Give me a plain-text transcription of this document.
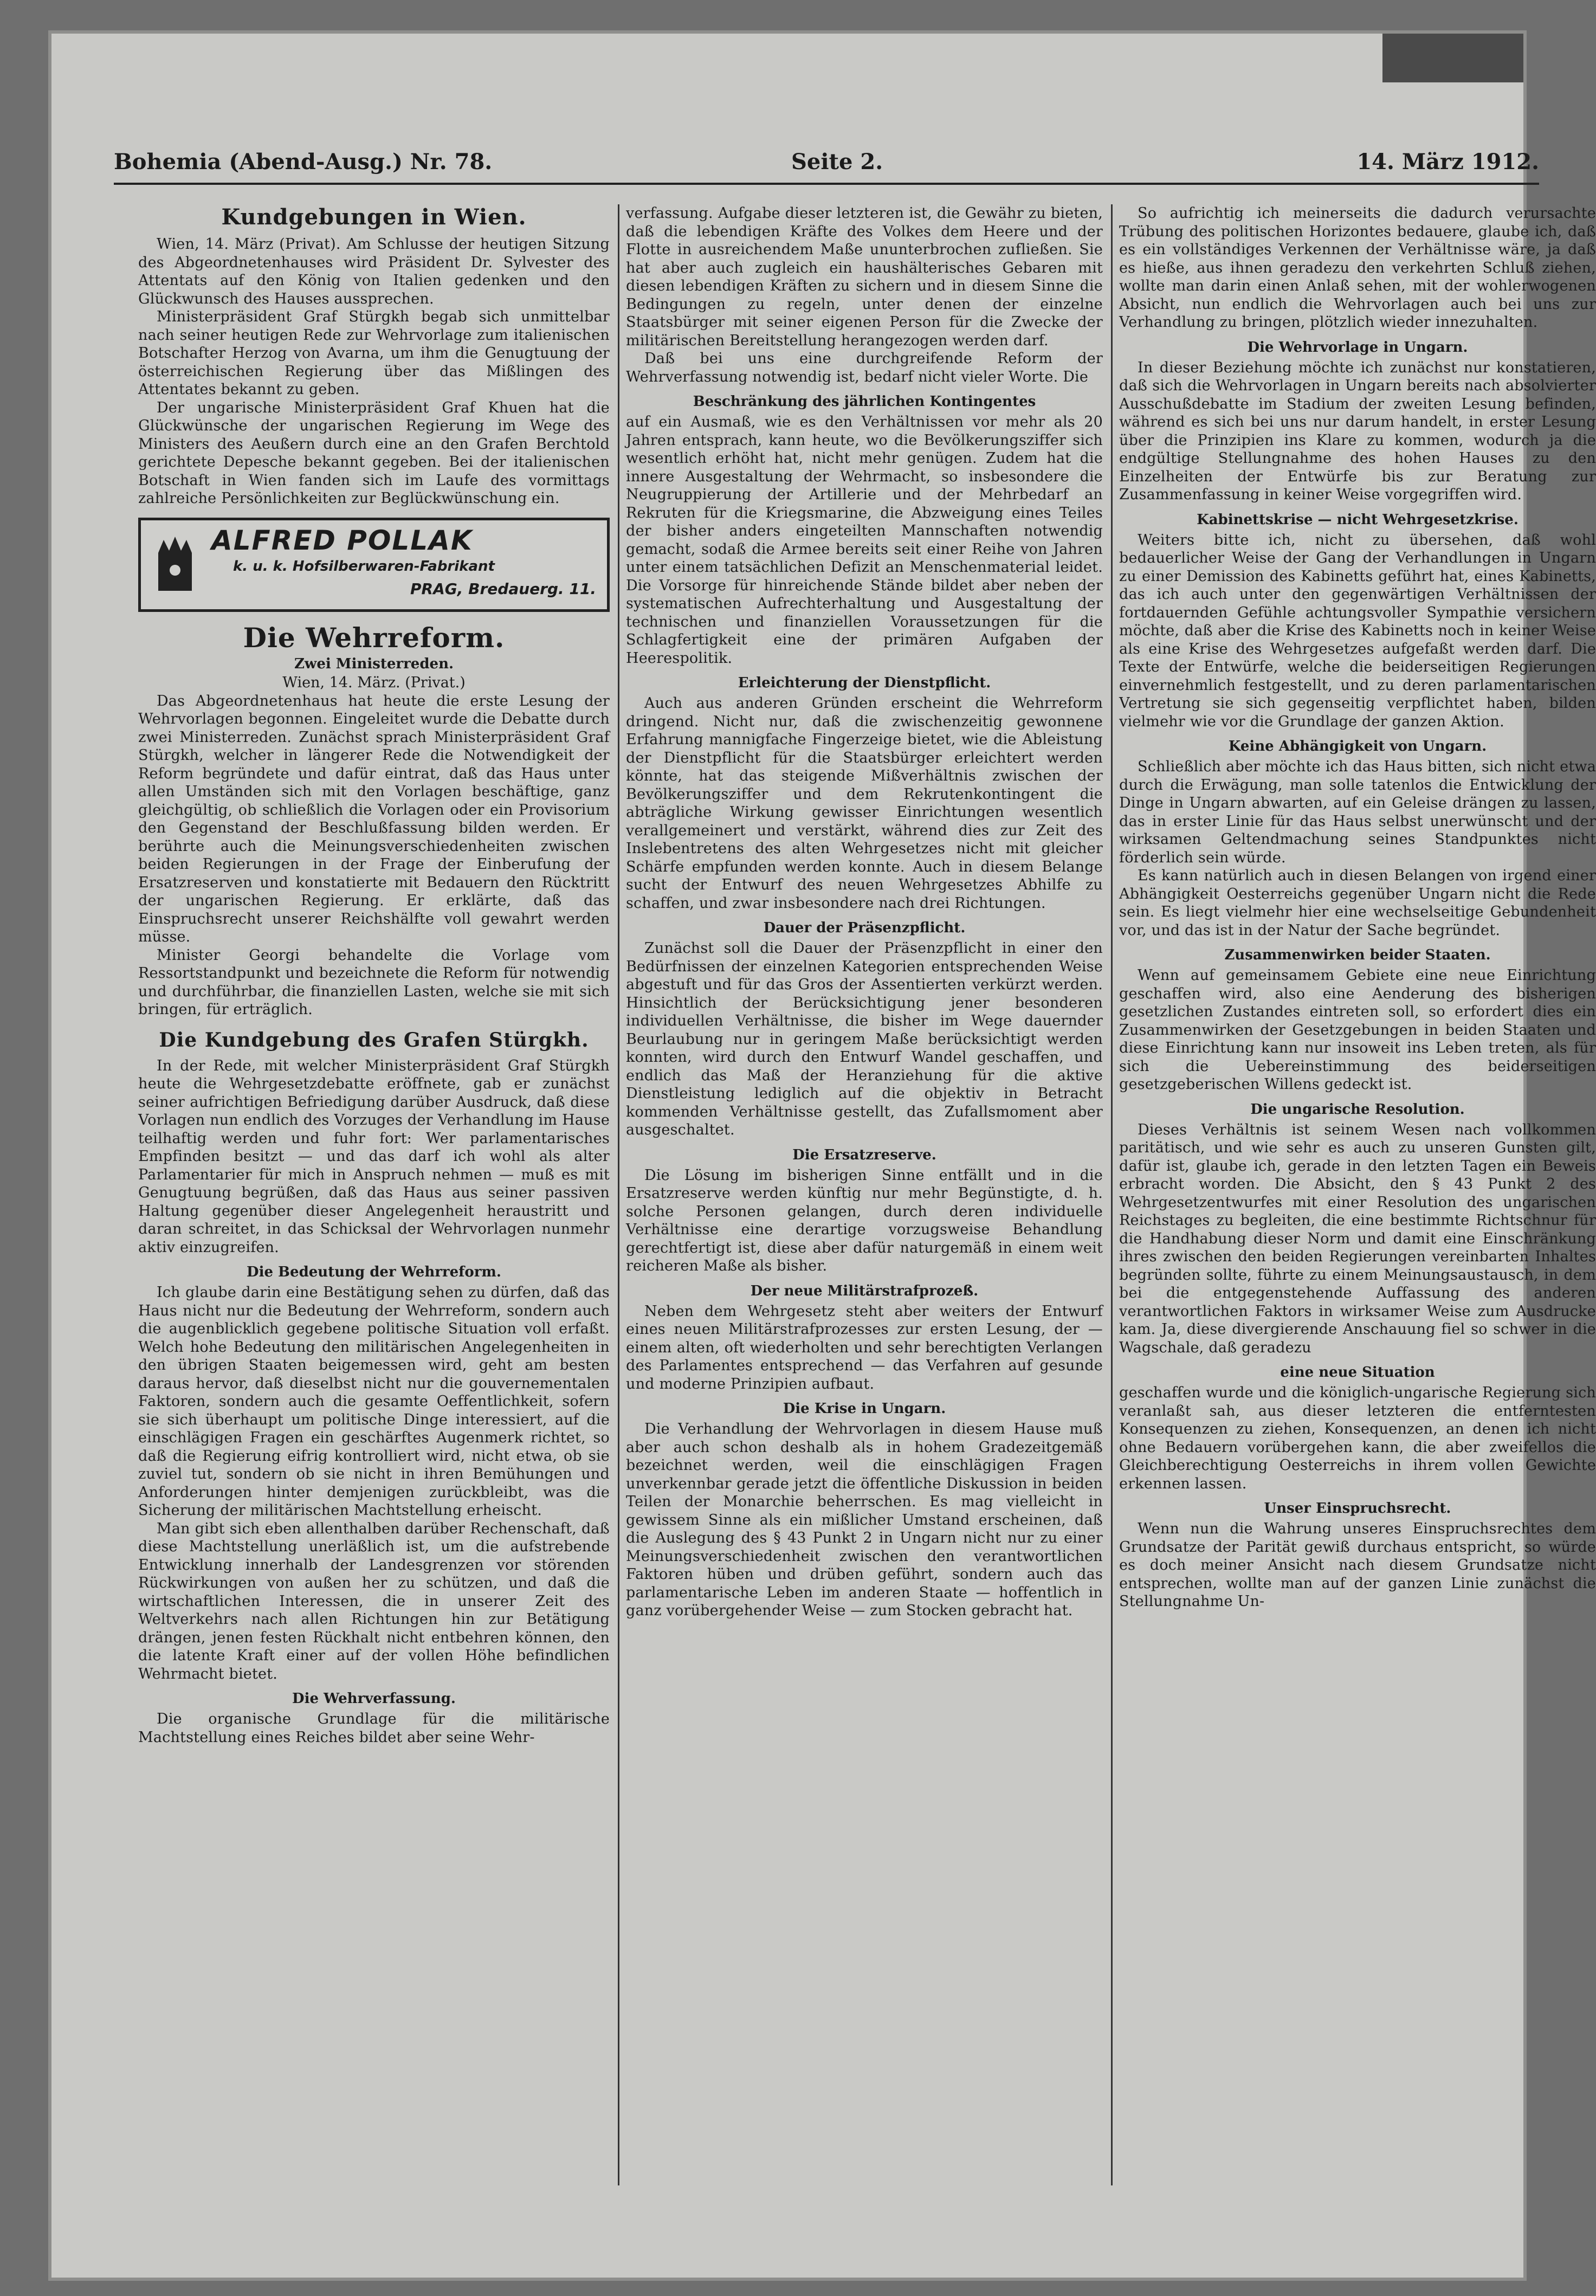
Bohemia (Abend-Ausg.) Nr. 78.	Seite 2.	14. März 1912.
Kundgebungen in Wien.

Wien, 14. März (Privat). Am Schlusse der heutigen Sitzung des Abgeordnetenhauses wird Präsident Dr. Sylvester des Attentats auf den König von Italien gedenken und den Glückwunsch des Hauses aussprechen.

Ministerpräsident Graf Stürgkh begab sich unmittelbar nach seiner heutigen Rede zur Wehrvorlage zum italienischen Botschafter Herzog von Avarna, um ihm die Genugtuung der österreichischen Regierung über das Mißlingen des Attentates bekannt zu geben.

Der ungarische Ministerpräsident Graf Khuen hat die Glückwünsche der ungarischen Regierung im Wege des Ministers des Aeußern durch eine an den Grafen Berchtold gerichtete Depesche bekannt gegeben. Bei der italienischen Botschaft in Wien fanden sich im Laufe des vormittags zahlreiche Persönlichkeiten zur Beglückwünschung ein.

ALFRED POLLAK
k. u. k. Hofsilberwaren-Fabrikant
PRAG, Bredauerg. 11.
Die Wehrreform.
Zwei Ministerreden.
Wien, 14. März. (Privat.)

Das Abgeordnetenhaus hat heute die erste Lesung der Wehrvorlagen begonnen. Eingeleitet wurde die Debatte durch zwei Ministerreden. Zunächst sprach Ministerpräsident Graf Stürgkh, welcher in längerer Rede die Notwendigkeit der Reform begründete und dafür eintrat, daß das Haus unter allen Umständen sich mit den Vorlagen beschäftige, ganz gleichgültig, ob schließlich die Vorlagen oder ein Provisorium den Gegenstand der Beschlußfassung bilden werden. Er berührte auch die Meinungsverschiedenheiten zwischen beiden Regierungen in der Frage der Einberufung der Ersatzreserven und konstatierte mit Bedauern den Rücktritt der ungarischen Regierung. Er erklärte, daß das Einspruchsrecht unserer Reichshälfte voll gewahrt werden müsse.

Minister Georgi behandelte die Vorlage vom Ressortstandpunkt und bezeichnete die Reform für notwendig und durchführbar, die finanziellen Lasten, welche sie mit sich bringen, für erträglich.

Die Kundgebung des Grafen Stürgkh.

In der Rede, mit welcher Ministerpräsident Graf Stürgkh heute die Wehrgesetzdebatte eröffnete, gab er zunächst seiner aufrichtigen Befriedigung darüber Ausdruck, daß diese Vorlagen nun endlich des Vorzuges der Verhandlung im Hause teilhaftig werden und fuhr fort: Wer parlamentarisches Empfinden besitzt — und das darf ich wohl als alter Parlamentarier für mich in Anspruch nehmen — muß es mit Genugtuung begrüßen, daß das Haus aus seiner passiven Haltung gegenüber dieser Angelegenheit heraustritt und daran schreitet, in das Schicksal der Wehrvorlagen nunmehr aktiv einzugreifen.

Die Bedeutung der Wehrreform.

Ich glaube darin eine Bestätigung sehen zu dürfen, daß das Haus nicht nur die Bedeutung der Wehrreform, sondern auch die augenblicklich gegebene politische Situation voll erfaßt. Welch hohe Bedeutung den militärischen Angelegenheiten in den übrigen Staaten beigemessen wird, geht am besten daraus hervor, daß dieselbst nicht nur die gouvernementalen Faktoren, sondern auch die gesamte Oeffentlichkeit, sofern sie sich überhaupt um politische Dinge interessiert, auf die einschlägigen Fragen ein geschärftes Augenmerk richtet, so daß die Regierung eifrig kontrolliert wird, nicht etwa, ob sie zuviel tut, sondern ob sie nicht in ihren Bemühungen und Anforderungen hinter demjenigen zurückbleibt, was die Sicherung der militärischen Machtstellung erheischt.

Man gibt sich eben allenthalben darüber Rechenschaft, daß diese Machtstellung unerläßlich ist, um die aufstrebende Entwicklung innerhalb der Landesgrenzen vor störenden Rückwirkungen von außen her zu schützen, und daß die wirtschaftlichen Interessen, die in unserer Zeit des Weltverkehrs nach allen Richtungen hin zur Betätigung drängen, jenen festen Rückhalt nicht entbehren können, den die latente Kraft einer auf der vollen Höhe befindlichen Wehrmacht bietet.

Die Wehrverfassung.

Die organische Grundlage für die militärische Machtstellung eines Reiches bildet aber seine Wehr-

verfassung. Aufgabe dieser letzteren ist, die Gewähr zu bieten, daß die lebendigen Kräfte des Volkes dem Heere und der Flotte in ausreichendem Maße ununterbrochen zufließen. Sie hat aber auch zugleich ein haushälterisches Gebaren mit diesen lebendigen Kräften zu sichern und in diesem Sinne die Bedingungen zu regeln, unter denen der einzelne Staatsbürger mit seiner eigenen Person für die Zwecke der militärischen Bereitstellung herangezogen werden darf.

Daß bei uns eine durchgreifende Reform der Wehrverfassung notwendig ist, bedarf nicht vieler Worte. Die

Beschränkung des jährlichen Kontingentes

auf ein Ausmaß, wie es den Verhältnissen vor mehr als 20 Jahren entsprach, kann heute, wo die Bevölkerungsziffer sich wesentlich erhöht hat, nicht mehr genügen. Zudem hat die innere Ausgestaltung der Wehrmacht, so insbesondere die Neugruppierung der Artillerie und der Mehrbedarf an Rekruten für die Kriegsmarine, die Abzweigung eines Teiles der bisher anders eingeteilten Mannschaften notwendig gemacht, sodaß die Armee bereits seit einer Reihe von Jahren unter einem tatsächlichen Defizit an Menschenmaterial leidet. Die Vorsorge für hinreichende Stände bildet aber neben der systematischen Aufrechterhaltung und Ausgestaltung der technischen und finanziellen Voraussetzungen für die Schlagfertigkeit eine der primären Aufgaben der Heerespolitik.

Erleichterung der Dienstpflicht.

Auch aus anderen Gründen erscheint die Wehrreform dringend. Nicht nur, daß die zwischenzeitig gewonnene Erfahrung mannigfache Fingerzeige bietet, wie die Ableistung der Dienstpflicht für die Staatsbürger erleichtert werden könnte, hat das steigende Mißverhältnis zwischen der Bevölkerungsziffer und dem Rekrutenkontingent die abträgliche Wirkung gewisser Einrichtungen wesentlich verallgemeinert und verstärkt, während dies zur Zeit des Inslebentretens des alten Wehrgesetzes nicht mit gleicher Schärfe empfunden werden konnte. Auch in diesem Belange sucht der Entwurf des neuen Wehrgesetzes Abhilfe zu schaffen, und zwar insbesondere nach drei Richtungen.

Dauer der Präsenzpflicht.

Zunächst soll die Dauer der Präsenzpflicht in einer den Bedürfnissen der einzelnen Kategorien entsprechenden Weise abgestuft und für das Gros der Assentierten verkürzt werden. Hinsichtlich der Berücksichtigung jener besonderen individuellen Verhältnisse, die bisher im Wege dauernder Beurlaubung nur in geringem Maße berücksichtigt werden konnten, wird durch den Entwurf Wandel geschaffen, und endlich das Maß der Heranziehung für die aktive Dienstleistung lediglich auf die objektiv in Betracht kommenden Verhältnisse gestellt, das Zufallsmoment aber ausgeschaltet.

Die Ersatzreserve.

Die Lösung im bisherigen Sinne entfällt und in die Ersatzreserve werden künftig nur mehr Begünstigte, d. h. solche Personen gelangen, durch deren individuelle Verhältnisse eine derartige vorzugsweise Behandlung gerechtfertigt ist, diese aber dafür naturgemäß in einem weit reicheren Maße als bisher.

Der neue Militärstrafprozeß.

Neben dem Wehrgesetz steht aber weiters der Entwurf eines neuen Militärstrafprozesses zur ersten Lesung, der — einem alten, oft wiederholten und sehr berechtigten Verlangen des Parlamentes entsprechend — das Verfahren auf gesunde und moderne Prinzipien aufbaut.

Die Krise in Ungarn.

Die Verhandlung der Wehrvorlagen in diesem Hause muß aber auch schon deshalb als in hohem Gradezeitgemäß bezeichnet werden, weil die einschlägigen Fragen unverkennbar gerade jetzt die öffentliche Diskussion in beiden Teilen der Monarchie beherrschen. Es mag vielleicht in gewissem Sinne als ein mißlicher Umstand erscheinen, daß die Auslegung des § 43 Punkt 2 in Ungarn nicht nur zu einer Meinungsverschiedenheit zwischen den verantwortlichen Faktoren hüben und drüben geführt, sondern auch das parlamentarische Leben im anderen Staate — hoffentlich in ganz vorübergehender Weise — zum Stocken gebracht hat.

So aufrichtig ich meinerseits die dadurch verursachte Trübung des politischen Horizontes bedauere, glaube ich, daß es ein vollständiges Verkennen der Verhältnisse wäre, ja daß es hieße, aus ihnen geradezu den verkehrten Schluß ziehen, wollte man darin einen Anlaß sehen, mit der wohlerwogenen Absicht, nun endlich die Wehrvorlagen auch bei uns zur Verhandlung zu bringen, plötzlich wieder innezuhalten.

Die Wehrvorlage in Ungarn.

In dieser Beziehung möchte ich zunächst nur konstatieren, daß sich die Wehrvorlagen in Ungarn bereits nach absolvierter Ausschußdebatte im Stadium der zweiten Lesung befinden, während es sich bei uns nur darum handelt, in erster Lesung über die Prinzipien ins Klare zu kommen, wodurch ja die endgültige Stellungnahme des hohen Hauses zu den Einzelheiten der Entwürfe bis zur Beratung zur Zusammenfassung in keiner Weise vorgegriffen wird.

Kabinettskrise — nicht Wehrgesetzkrise.

Weiters bitte ich, nicht zu übersehen, daß wohl bedauerlicher Weise der Gang der Verhandlungen in Ungarn zu einer Demission des Kabinetts geführt hat, eines Kabinetts, das ich auch unter den gegenwärtigen Verhältnissen der fortdauernden Gefühle achtungsvoller Sympathie versichern möchte, daß aber die Krise des Kabinetts noch in keiner Weise als eine Krise des Wehrgesetzes aufgefaßt werden darf. Die Texte der Entwürfe, welche die beiderseitigen Regierungen einvernehmlich festgestellt, und zu deren parlamentarischen Vertretung sie sich gegenseitig verpflichtet haben, bilden vielmehr wie vor die Grundlage der ganzen Aktion.

Keine Abhängigkeit von Ungarn.

Schließlich aber möchte ich das Haus bitten, sich nicht etwa durch die Erwägung, man solle tatenlos die Entwicklung der Dinge in Ungarn abwarten, auf ein Geleise drängen zu lassen, das in erster Linie für das Haus selbst unerwünscht und der wirksamen Geltendmachung seines Standpunktes nicht förderlich sein würde.

Es kann natürlich auch in diesen Belangen von irgend einer Abhängigkeit Oesterreichs gegenüber Ungarn nicht die Rede sein. Es liegt vielmehr hier eine wechselseitige Gebundenheit vor, und das ist in der Natur der Sache begründet.

Zusammenwirken beider Staaten.

Wenn auf gemeinsamem Gebiete eine neue Einrichtung geschaffen wird, also eine Aenderung des bisherigen gesetzlichen Zustandes eintreten soll, so erfordert dies ein Zusammenwirken der Gesetzgebungen in beiden Staaten und diese Einrichtung kann nur insoweit ins Leben treten, als für sich die Uebereinstimmung des beiderseitigen gesetzgeberischen Willens gedeckt ist.

Die ungarische Resolution.

Dieses Verhältnis ist seinem Wesen nach vollkommen paritätisch, und wie sehr es auch zu unseren Gunsten gilt, dafür ist, glaube ich, gerade in den letzten Tagen ein Beweis erbracht worden. Die Absicht, den § 43 Punkt 2 des Wehrgesetzentwurfes mit einer Resolution des ungarischen Reichstages zu begleiten, die eine bestimmte Richtschnur für die Handhabung dieser Norm und damit eine Einschränkung ihres zwischen den beiden Regierungen vereinbarten Inhaltes begründen sollte, führte zu einem Meinungsaustausch, in dem bei die entgegenstehende Auffassung des anderen verantwortlichen Faktors in wirksamer Weise zum Ausdrucke kam. Ja, diese divergierende Anschauung fiel so schwer in die Wagschale, daß geradezu

eine neue Situation

geschaffen wurde und die königlich-ungarische Regierung sich veranlaßt sah, aus dieser letzteren die entferntesten Konsequenzen zu ziehen, Konsequenzen, an denen ich nicht ohne Bedauern vorübergehen kann, die aber zweifellos die Gleichberechtigung Oesterreichs in ihrem vollen Gewichte erkennen lassen.

Unser Einspruchsrecht.

Wenn nun die Wahrung unseres Einspruchsrechtes dem Grundsatze der Parität gewiß durchaus entspricht, so würde es doch meiner Ansicht nach diesem Grundsatze nicht entsprechen, wollte man auf der ganzen Linie zunächst die Stellungnahme Un-
